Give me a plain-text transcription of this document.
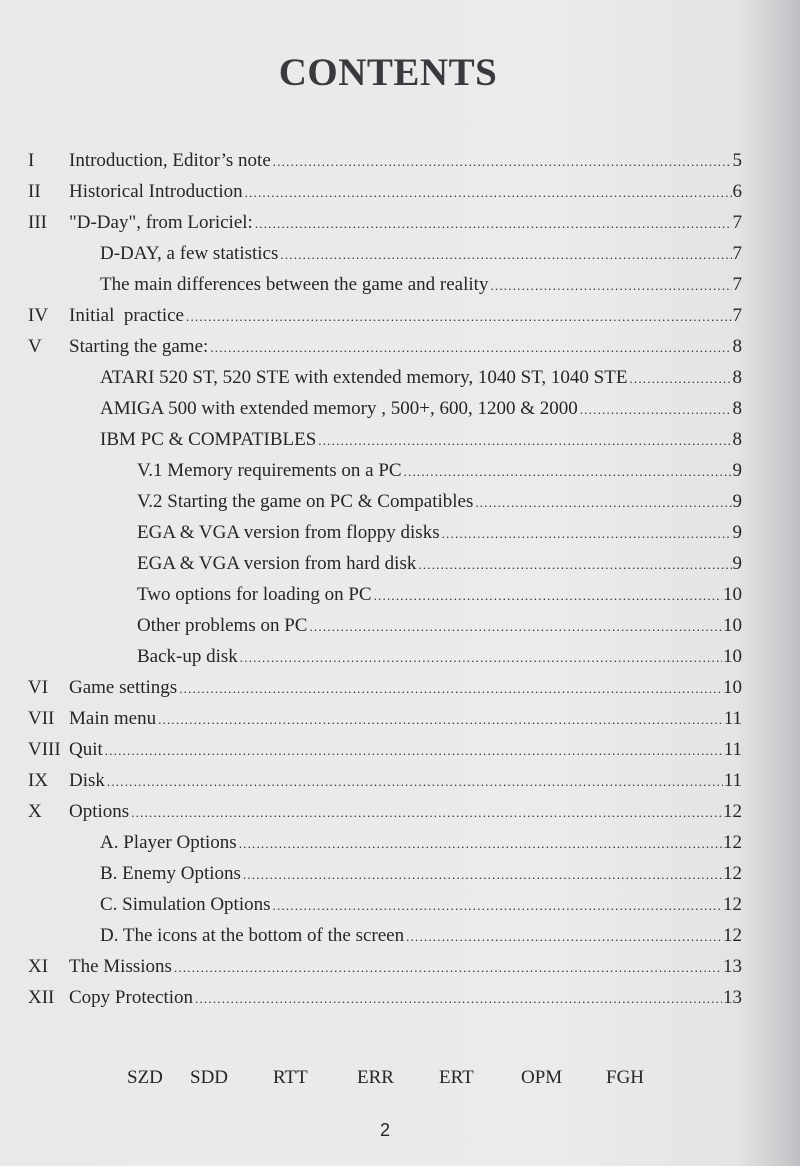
CONTENTS
I Introduction, Editor’s note .....	5
II Historical Introduction .....	6
III "D-Day", from Loriciel: .....	7
D-DAY, a few statistics .....	7
The main differences between the game and reality .....	7
IV Initial  practice .....	7
V Starting the game: .....	8
ATARI 520 ST, 520 STE with extended memory, 1040 ST, 1040 STE .....	8
AMIGA 500 with extended memory , 500+, 600, 1200 & 2000 .....	8
IBM PC & COMPATIBLES .....	8
V.1 Memory requirements on a PC .....	9
V.2 Starting the game on PC & Compatibles .....	9
EGA & VGA version from floppy disks .....	9
EGA & VGA version from hard disk .....	9
Two options for loading on PC .....	10
Other problems on PC .....	10
Back-up disk .....	10
VI Game settings .....	10
VII Main menu .....	11
VIII Quit .....	11
IX Disk .....	11
X Options .....	12
A. Player Options .....	12
B. Enemy Options .....	12
C. Simulation Options .....	12
D. The icons at the bottom of the screen .....	12
XI The Missions .....	13
XII Copy Protection .....	13
SZD SDD RTT	ERR ERT OPM FGH
2
